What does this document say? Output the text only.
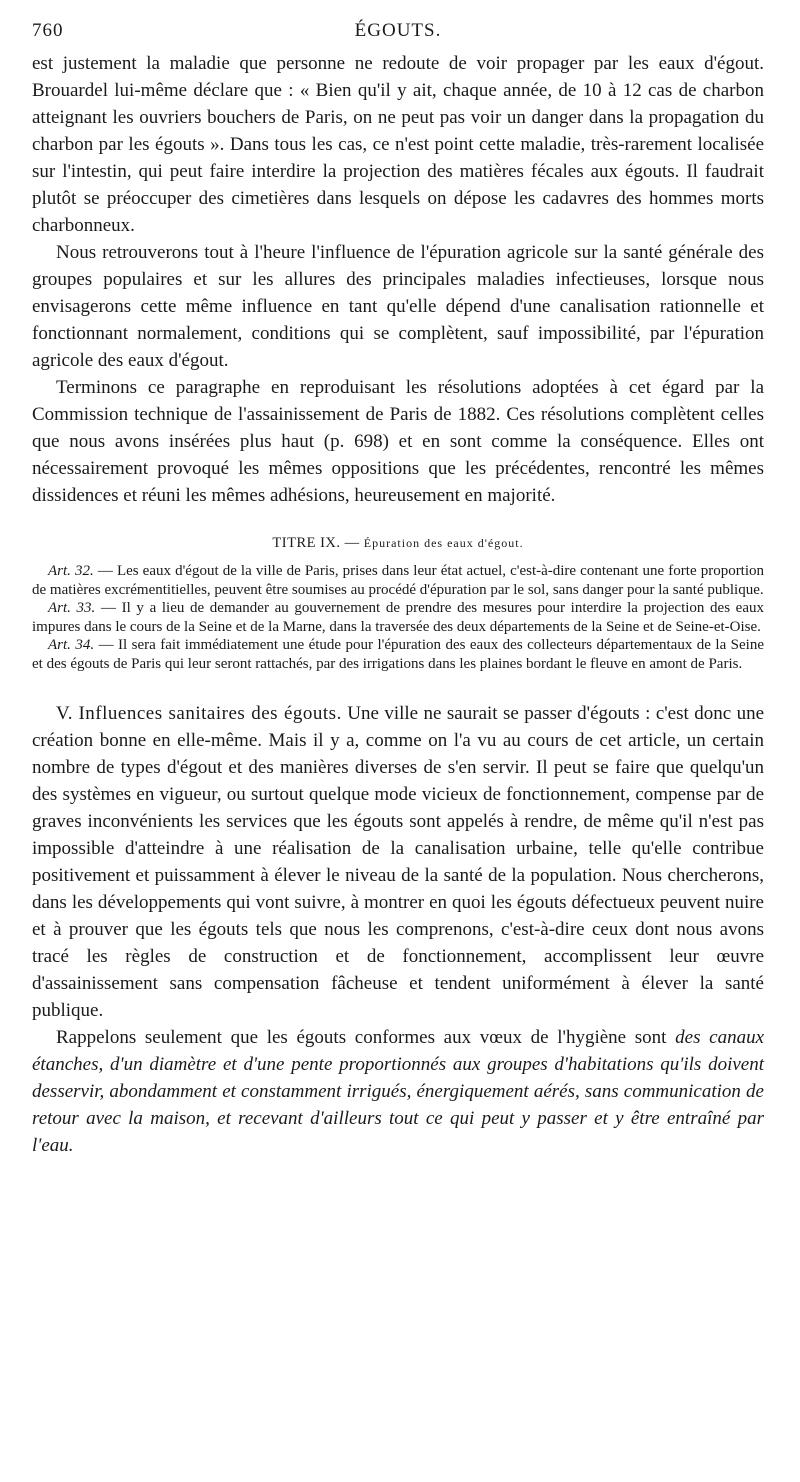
760	ÉGOUTS.

est justement la maladie que personne ne redoute de voir propager par les eaux d'égout. Brouardel lui-même déclare que : « Bien qu'il y ait, chaque année, de 10 à 12 cas de charbon atteignant les ouvriers bouchers de Paris, on ne peut pas voir un danger dans la propagation du charbon par les égouts ». Dans tous les cas, ce n'est point cette maladie, très-rarement localisée sur l'intestin, qui peut faire interdire la projection des matières fécales aux égouts. Il faudrait plutôt se préoccuper des cimetières dans lesquels on dépose les cadavres des hommes morts charbonneux.

Nous retrouverons tout à l'heure l'influence de l'épuration agricole sur la santé générale des groupes populaires et sur les allures des principales maladies infectieuses, lorsque nous envisagerons cette même influence en tant qu'elle dépend d'une canalisation rationnelle et fonctionnant normalement, conditions qui se complètent, sauf impossibilité, par l'épuration agricole des eaux d'égout.

Terminons ce paragraphe en reproduisant les résolutions adoptées à cet égard par la Commission technique de l'assainissement de Paris de 1882. Ces résolutions complètent celles que nous avons insérées plus haut (p. 698) et en sont comme la conséquence. Elles ont nécessairement provoqué les mêmes oppositions que les précédentes, rencontré les mêmes dissidences et réuni les mêmes adhésions, heureusement en majorité.

TITRE IX. — Épuration des eaux d'égout.

Art. 32. — Les eaux d'égout de la ville de Paris, prises dans leur état actuel, c'est-à-dire contenant une forte proportion de matières excrémentitielles, peuvent être soumises au procédé d'épuration par le sol, sans danger pour la santé publique.

Art. 33. — Il y a lieu de demander au gouvernement de prendre des mesures pour interdire la projection des eaux impures dans le cours de la Seine et de la Marne, dans la traversée des deux départements de la Seine et de Seine-et-Oise.

Art. 34. — Il sera fait immédiatement une étude pour l'épuration des eaux des collecteurs départementaux de la Seine et des égouts de Paris qui leur seront rattachés, par des irrigations dans les plaines bordant le fleuve en amont de Paris.

V. Influences sanitaires des égouts. Une ville ne saurait se passer d'égouts : c'est donc une création bonne en elle-même. Mais il y a, comme on l'a vu au cours de cet article, un certain nombre de types d'égout et des manières diverses de s'en servir. Il peut se faire que quelqu'un des systèmes en vigueur, ou surtout quelque mode vicieux de fonctionnement, compense par de graves inconvénients les services que les égouts sont appelés à rendre, de même qu'il n'est pas impossible d'atteindre à une réalisation de la canalisation urbaine, telle qu'elle contribue positivement et puissamment à élever le niveau de la santé de la population. Nous chercherons, dans les développements qui vont suivre, à montrer en quoi les égouts défectueux peuvent nuire et à prouver que les égouts tels que nous les comprenons, c'est-à-dire ceux dont nous avons tracé les règles de construction et de fonctionnement, accomplissent leur œuvre d'assainissement sans compensation fâcheuse et tendent uniformément à élever la santé publique.

Rappelons seulement que les égouts conformes aux vœux de l'hygiène sont des canaux étanches, d'un diamètre et d'une pente proportionnés aux groupes d'habitations qu'ils doivent desservir, abondamment et constamment irrigués, énergiquement aérés, sans communication de retour avec la maison, et recevant d'ailleurs tout ce qui peut y passer et y être entraîné par l'eau.
